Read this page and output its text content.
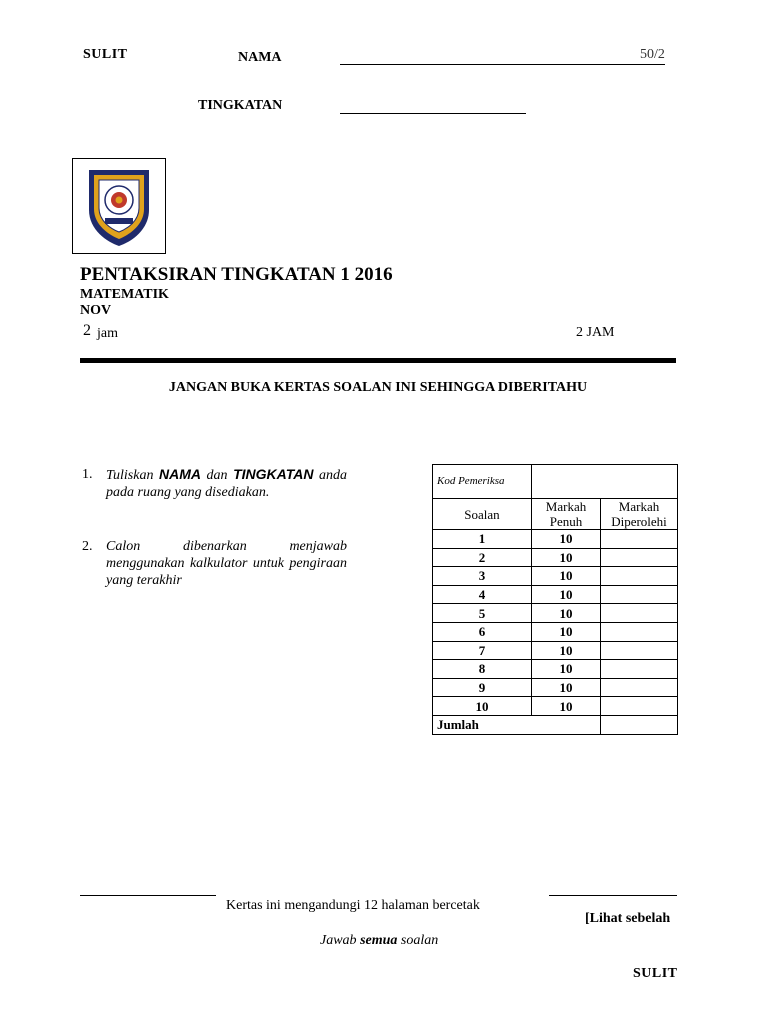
SULIT	NAMA	50/2
TINGKATAN
PENTAKSIRAN TINGKATAN 1 2016
MATEMATIK
NOV
2 jam	2 JAM
JANGAN BUKA KERTAS SOALAN INI SEHINGGA DIBERITAHU
1. Tuliskan NAMA dan TINGKATAN anda pada ruang yang disediakan.
2. Calon dibenarkan menjawab menggunakan kalkulator untuk pengiraan yang terakhir
Kod Pemeriksa		
Soalan	Markah Penuh	Markah Diperolehi
1	10	
2	10	
3	10	
4	10	
5	10	
6	10	
7	10	
8	10	
9	10	
10	10	
Jumlah		
Kertas ini mengandungi 12 halaman bercetak
[Lihat sebelah
Jawab semua soalan
SULIT
